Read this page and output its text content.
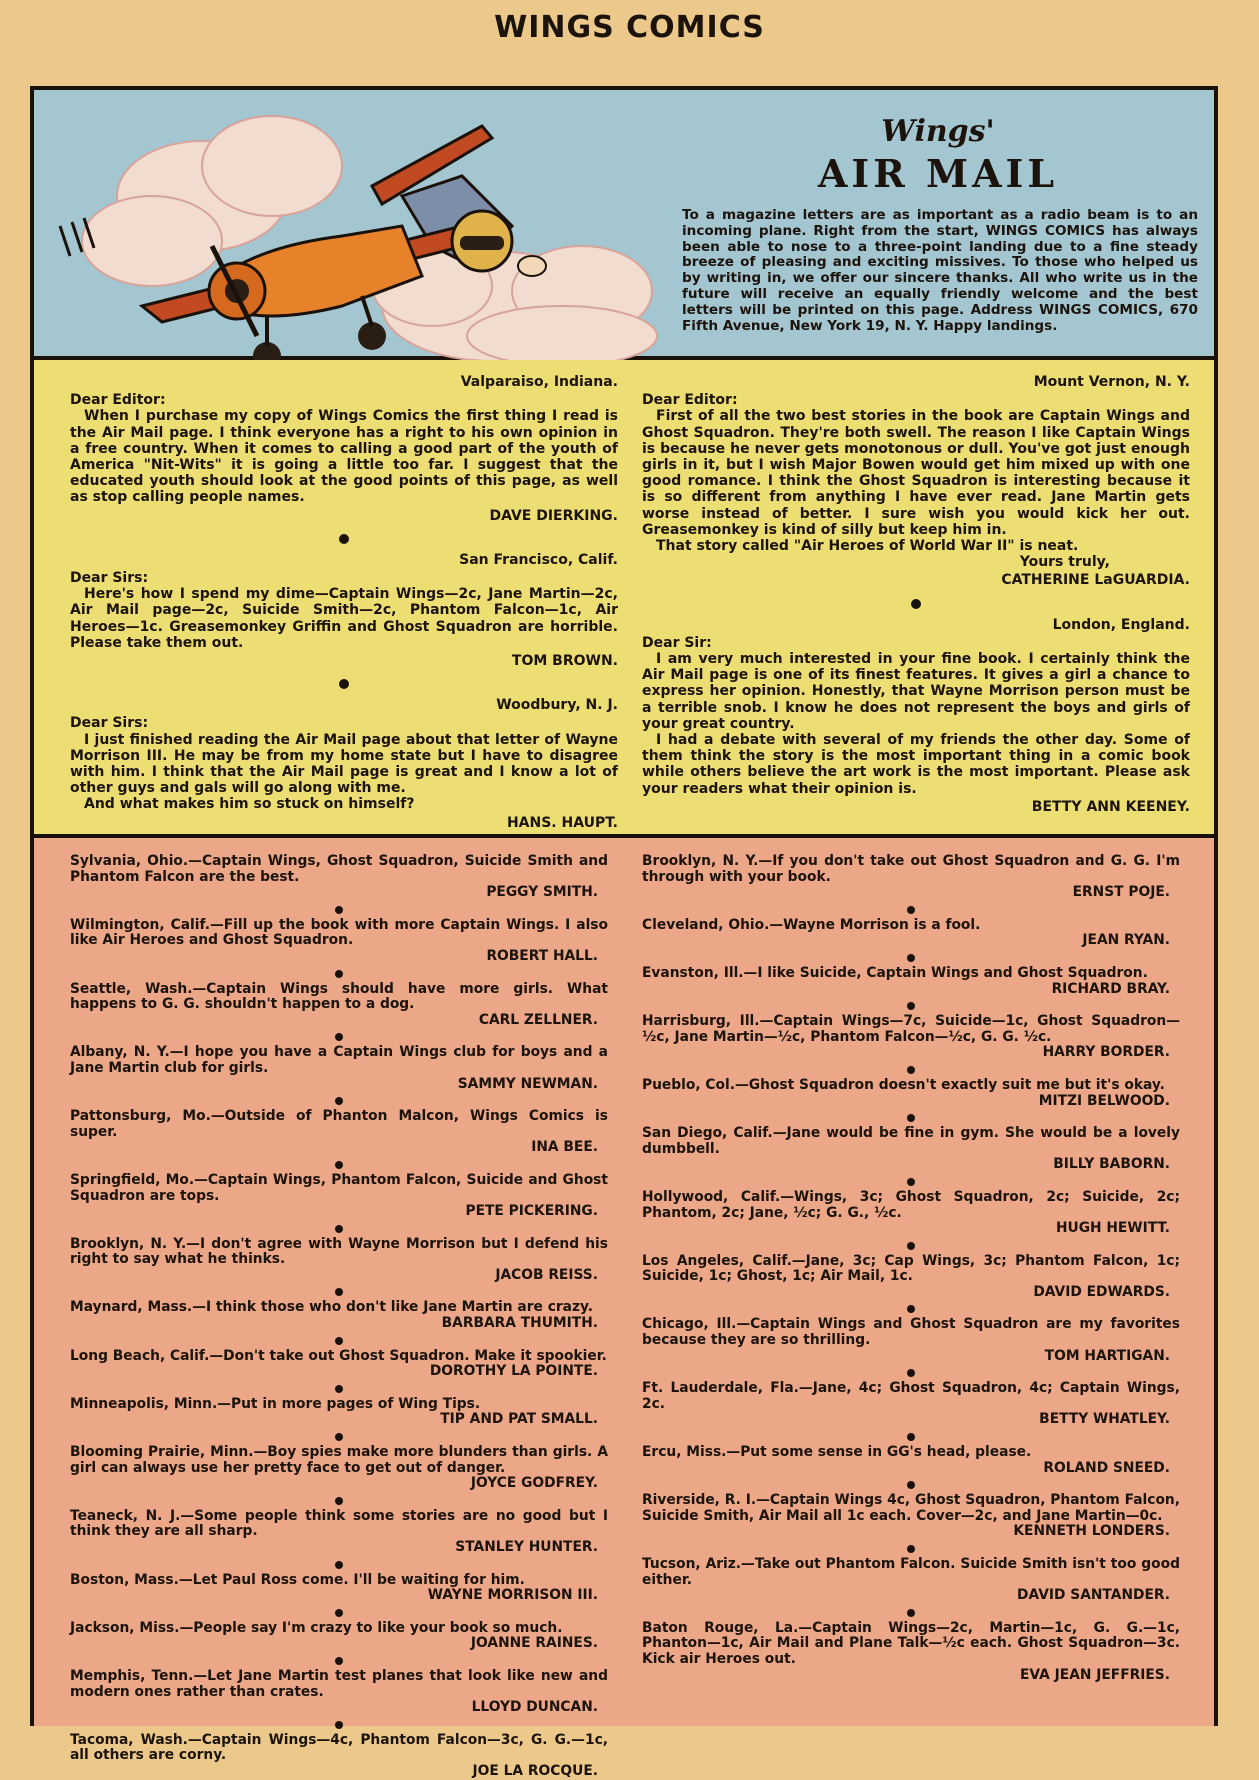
WINGS COMICS
Wings'
AIR MAIL
To a magazine letters are as important as a radio beam is to an incoming plane. Right from the start, WINGS COMICS has always been able to nose to a three-point landing due to a fine steady breeze of pleasing and exciting missives. To those who helped us by writing in, we offer our sincere thanks. All who write us in the future will receive an equally friendly welcome and the best letters will be printed on this page. Address WINGS COMICS, 670 Fifth Avenue, New York 19, N. Y. Happy landings.
Valparaiso, Indiana.
Dear Editor:
When I purchase my copy of Wings Comics the first thing I read is the Air Mail page. I think everyone has a right to his own opinion in a free country. When it comes to calling a good part of the youth of America "Nit-Wits" it is going a little too far. I suggest that the educated youth should look at the good points of this page, as well as stop calling people names.
DAVE DIERKING.
San Francisco, Calif.
Dear Sirs:
Here's how I spend my dime—Captain Wings—2c, Jane Martin—2c, Air Mail page—2c, Suicide Smith—2c, Phantom Falcon—1c, Air Heroes—1c. Greasemonkey Griffin and Ghost Squadron are horrible. Please take them out.
TOM BROWN.
Woodbury, N. J.
Dear Sirs:
I just finished reading the Air Mail page about that letter of Wayne Morrison III. He may be from my home state but I have to disagree with him. I think that the Air Mail page is great and I know a lot of other guys and gals will go along with me.
And what makes him so stuck on himself?
HANS. HAUPT.
Mount Vernon, N. Y.
Dear Editor:
First of all the two best stories in the book are Captain Wings and Ghost Squadron. They're both swell. The reason I like Captain Wings is because he never gets monotonous or dull. You've got just enough girls in it, but I wish Major Bowen would get him mixed up with one good romance. I think the Ghost Squadron is interesting because it is so different from anything I have ever read. Jane Martin gets worse instead of better. I sure wish you would kick her out. Greasemonkey is kind of silly but keep him in.
That story called "Air Heroes of World War II" is neat.
Yours truly,
CATHERINE LaGUARDIA.
London, England.
Dear Sir:
I am very much interested in your fine book. I certainly think the Air Mail page is one of its finest features. It gives a girl a chance to express her opinion. Honestly, that Wayne Morrison person must be a terrible snob. I know he does not represent the boys and girls of your great country.
I had a debate with several of my friends the other day. Some of them think the story is the most important thing in a comic book while others believe the art work is the most important. Please ask your readers what their opinion is.
BETTY ANN KEENEY.
Sylvania, Ohio.—Captain Wings, Ghost Squadron, Suicide Smith and Phantom Falcon are the best.
PEGGY SMITH.
Wilmington, Calif.—Fill up the book with more Captain Wings. I also like Air Heroes and Ghost Squadron.
ROBERT HALL.
Seattle, Wash.—Captain Wings should have more girls. What happens to G. G. shouldn't happen to a dog.
CARL ZELLNER.
Albany, N. Y.—I hope you have a Captain Wings club for boys and a Jane Martin club for girls.
SAMMY NEWMAN.
Pattonsburg, Mo.—Outside of Phanton Malcon, Wings Comics is super.
INA BEE.
Springfield, Mo.—Captain Wings, Phantom Falcon, Suicide and Ghost Squadron are tops.
PETE PICKERING.
Brooklyn, N. Y.—I don't agree with Wayne Morrison but I defend his right to say what he thinks.
JACOB REISS.
Maynard, Mass.—I think those who don't like Jane Martin are crazy.
BARBARA THUMITH.
Long Beach, Calif.—Don't take out Ghost Squadron. Make it spookier.
DOROTHY LA POINTE.
Minneapolis, Minn.—Put in more pages of Wing Tips.
TIP AND PAT SMALL.
Blooming Prairie, Minn.—Boy spies make more blunders than girls. A girl can always use her pretty face to get out of danger.
JOYCE GODFREY.
Teaneck, N. J.—Some people think some stories are no good but I think they are all sharp.
STANLEY HUNTER.
Boston, Mass.—Let Paul Ross come. I'll be waiting for him.
WAYNE MORRISON III.
Jackson, Miss.—People say I'm crazy to like your book so much.
JOANNE RAINES.
Memphis, Tenn.—Let Jane Martin test planes that look like new and modern ones rather than crates.
LLOYD DUNCAN.
Tacoma, Wash.—Captain Wings—4c, Phantom Falcon—3c, G. G.—1c, all others are corny.
JOE LA ROCQUE.
Brooklyn, N. Y.—If you don't take out Ghost Squadron and G. G. I'm through with your book.
ERNST POJE.
Cleveland, Ohio.—Wayne Morrison is a fool.
JEAN RYAN.
Evanston, Ill.—I like Suicide, Captain Wings and Ghost Squadron.
RICHARD BRAY.
Harrisburg, Ill.—Captain Wings—7c, Suicide—1c, Ghost Squadron—½c, Jane Martin—½c, Phantom Falcon—½c, G. G. ½c.
HARRY BORDER.
Pueblo, Col.—Ghost Squadron doesn't exactly suit me but it's okay.
MITZI BELWOOD.
San Diego, Calif.—Jane would be fine in gym. She would be a lovely dumbbell.
BILLY BABORN.
Hollywood, Calif.—Wings, 3c; Ghost Squadron, 2c; Suicide, 2c; Phantom, 2c; Jane, ½c; G. G., ½c.
HUGH HEWITT.
Los Angeles, Calif.—Jane, 3c; Cap Wings, 3c; Phantom Falcon, 1c; Suicide, 1c; Ghost, 1c; Air Mail, 1c.
DAVID EDWARDS.
Chicago, Ill.—Captain Wings and Ghost Squadron are my favorites because they are so thrilling.
TOM HARTIGAN.
Ft. Lauderdale, Fla.—Jane, 4c; Ghost Squadron, 4c; Captain Wings, 2c.
BETTY WHATLEY.
Ercu, Miss.—Put some sense in GG's head, please.
ROLAND SNEED.
Riverside, R. I.—Captain Wings 4c, Ghost Squadron, Phantom Falcon, Suicide Smith, Air Mail all 1c each. Cover—2c, and Jane Martin—0c.
KENNETH LONDERS.
Tucson, Ariz.—Take out Phantom Falcon. Suicide Smith isn't too good either.
DAVID SANTANDER.
Baton Rouge, La.—Captain Wings—2c, Martin—1c, G. G.—1c, Phanton—1c, Air Mail and Plane Talk—½c each. Ghost Squadron—3c. Kick air Heroes out.
EVA JEAN JEFFRIES.
